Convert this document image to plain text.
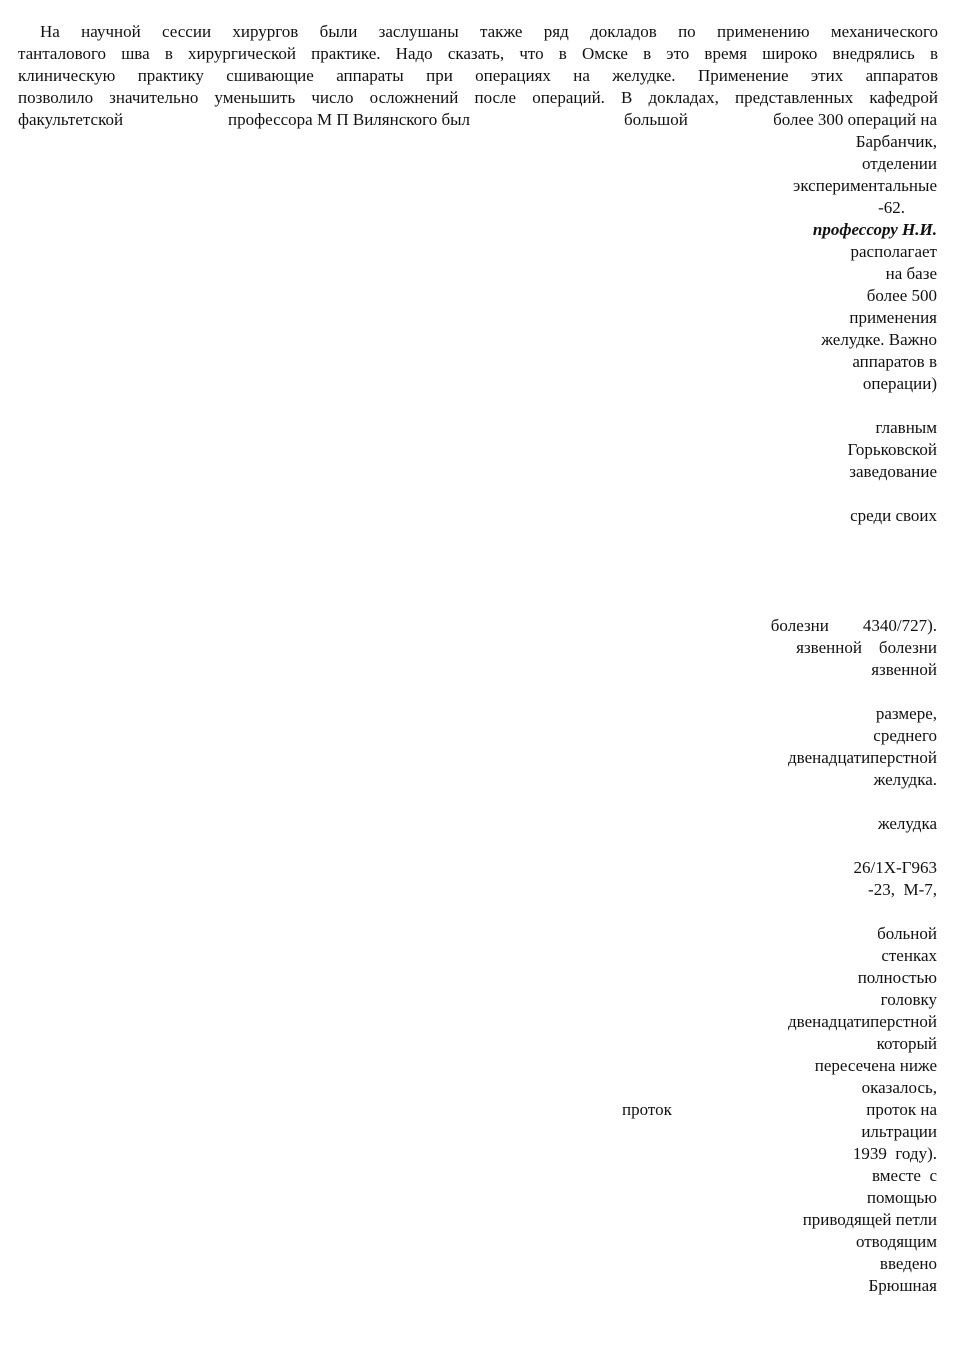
На научной сессии хирургов были заслушаны также ряд докладов по применению механического
танталового шва в хирургической практике. Надо сказать, что в Омске в это время широко внедрялись в
клиническую практику сшивающие аппараты при операциях на желудке. Применение этих аппаратов
позволило значительно уменьшить число осложнений после операций. В докладах, представленных кафедрой
факультетской	профессора М П Вилянского был	большой	более 300 операций на
Барбанчик,
отделении
экспериментальные
-62.
профессору Н.И.
располагает
на базе
более 500
применения
желудке. Важно
аппаратов в
операции)
главным
Горьковской
заведование
среди своих
болезни        4340/727).
язвенной    болезни
язвенной
размере,
среднего
двенадцатиперстной
желудка.
желудка
26/1Х-Г963
-23,  М-7,
больной
стенках
полностью
головку
двенадцатиперстной
который
пересечена ниже
оказалось,
проток	проток на
ильтрации
1939  году).
вместе  с
помощью
приводящей петли
отводящим
введено
Брюшная
